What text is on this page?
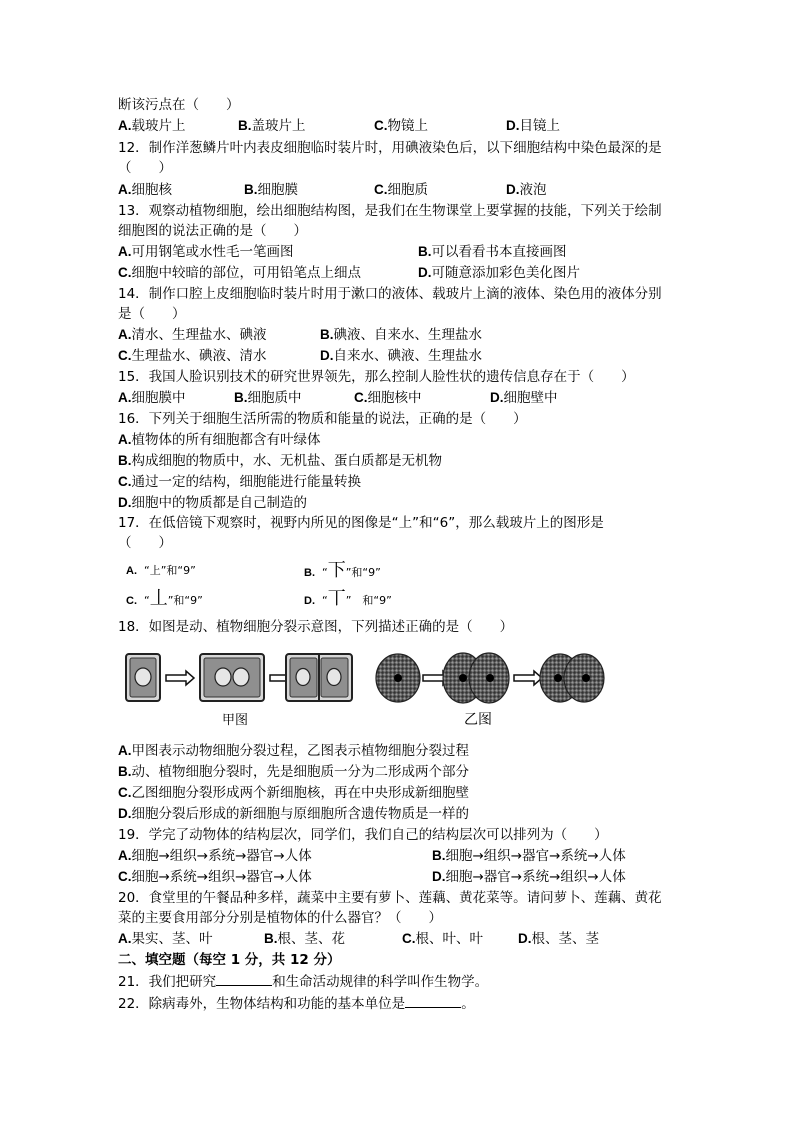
断该污点在（　　）
A.载玻片上	B.盖玻片上	C.物镜上	D.目镜上
12．制作洋葱鳞片叶内表皮细胞临时装片时，用碘液染色后，以下细胞结构中染色最深的是
（　　）
A.细胞核	B.细胞膜	C.细胞质	D.液泡
13．观察动植物细胞，绘出细胞结构图，是我们在生物课堂上要掌握的技能，下列关于绘制
细胞图的说法正确的是（　　）
A.可用钢笔或水性毛一笔画图	B.可以看看书本直接画图
C.细胞中较暗的部位，可用铅笔点上细点	D.可随意添加彩色美化图片
14．制作口腔上皮细胞临时装片时用于漱口的液体、载玻片上滴的液体、染色用的液体分别
是（　　）
A.清水、生理盐水、碘液	B.碘液、自来水、生理盐水
C.生理盐水、碘液、清水	D.自来水、碘液、生理盐水
15．我国人脸识别技术的研究世界领先，那么控制人脸性状的遗传信息存在于（　　）
A.细胞膜中	B.细胞质中	C.细胞核中	D.细胞壁中
16．下列关于细胞生活所需的物质和能量的说法，正确的是（　　）
A.植物体的所有细胞都含有叶绿体
B.构成细胞的物质中，水、无机盐、蛋白质都是无机物
C.通过一定的结构，细胞能进行能量转换
D.细胞中的物质都是自己制造的
17．在低倍镜下观察时，视野内所见的图像是“上”和“6”，那么载玻片上的图形是
（　　）
A. “上”和“9”	B. “下”和“9”
C. “丄”和“9”	D. “丅”　和“9”
18．如图是动、植物细胞分裂示意图，下列描述正确的是（　　）
甲图	乙图
A.甲图表示动物细胞分裂过程，乙图表示植物细胞分裂过程
B.动、植物细胞分裂时，先是细胞质一分为二形成两个部分
C.乙图细胞分裂形成两个新细胞核，再在中央形成新细胞壁
D.细胞分裂后形成的新细胞与原细胞所含遗传物质是一样的
19．学完了动物体的结构层次，同学们，我们自己的结构层次可以排列为（　　）
A.细胞→组织→系统→器官→人体	B.细胞→组织→器官→系统→人体
C.细胞→系统→组织→器官→人体	D.细胞→器官→系统→组织→人体
20．食堂里的午餐品种多样，蔬菜中主要有萝卜、莲藕、黄花菜等。请问萝卜、莲藕、黄花
菜的主要食用部分分别是植物体的什么器官？（　　）
A.果实、茎、叶	B.根、茎、花	C.根、叶、叶	D.根、茎、茎
二、填空题（每空 1 分，共 12 分）
21．我们把研究	和生命活动规律的科学叫作生物学。
22．除病毒外，生物体结构和功能的基本单位是	。
